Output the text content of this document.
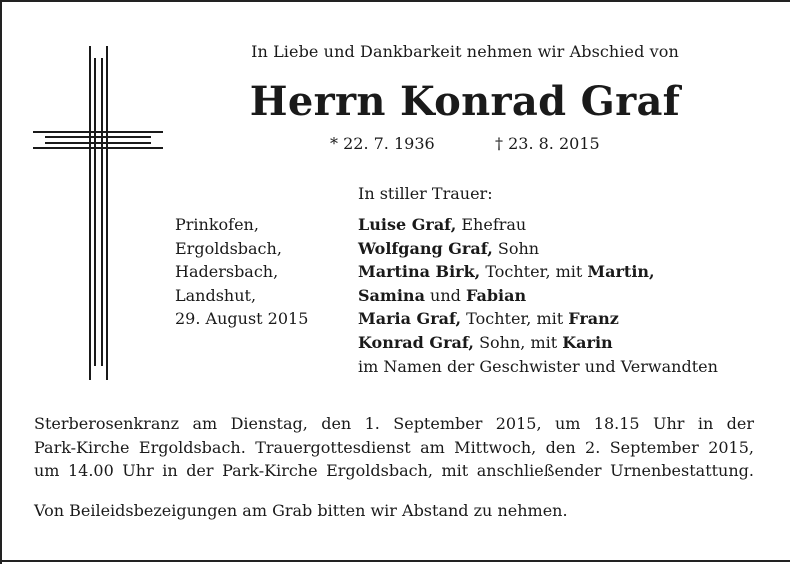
In Liebe und Dankbarkeit nehmen wir Abschied von
Herrn Konrad Graf
* 22. 7. 1936	† 23. 8. 2015
In stiller Trauer:
Prinkofen,
Ergoldsbach,
Hadersbach,
Landshut,
29. August 2015
Luise Graf, Ehefrau
Wolfgang Graf, Sohn
Martina Birk, Tochter, mit Martin,
Samina und Fabian
Maria Graf, Tochter, mit Franz
Konrad Graf, Sohn, mit Karin
im Namen der Geschwister und Verwandten
Sterberosenkranz am Dienstag, den 1. September 2015, um 18.15 Uhr in der
Park-Kirche Ergoldsbach. Trauergottesdienst am Mittwoch, den 2. September 2015,
um 14.00 Uhr in der Park-Kirche Ergoldsbach, mit anschließender Urnenbestattung.
Von Beileidsbezeigungen am Grab bitten wir Abstand zu nehmen.
